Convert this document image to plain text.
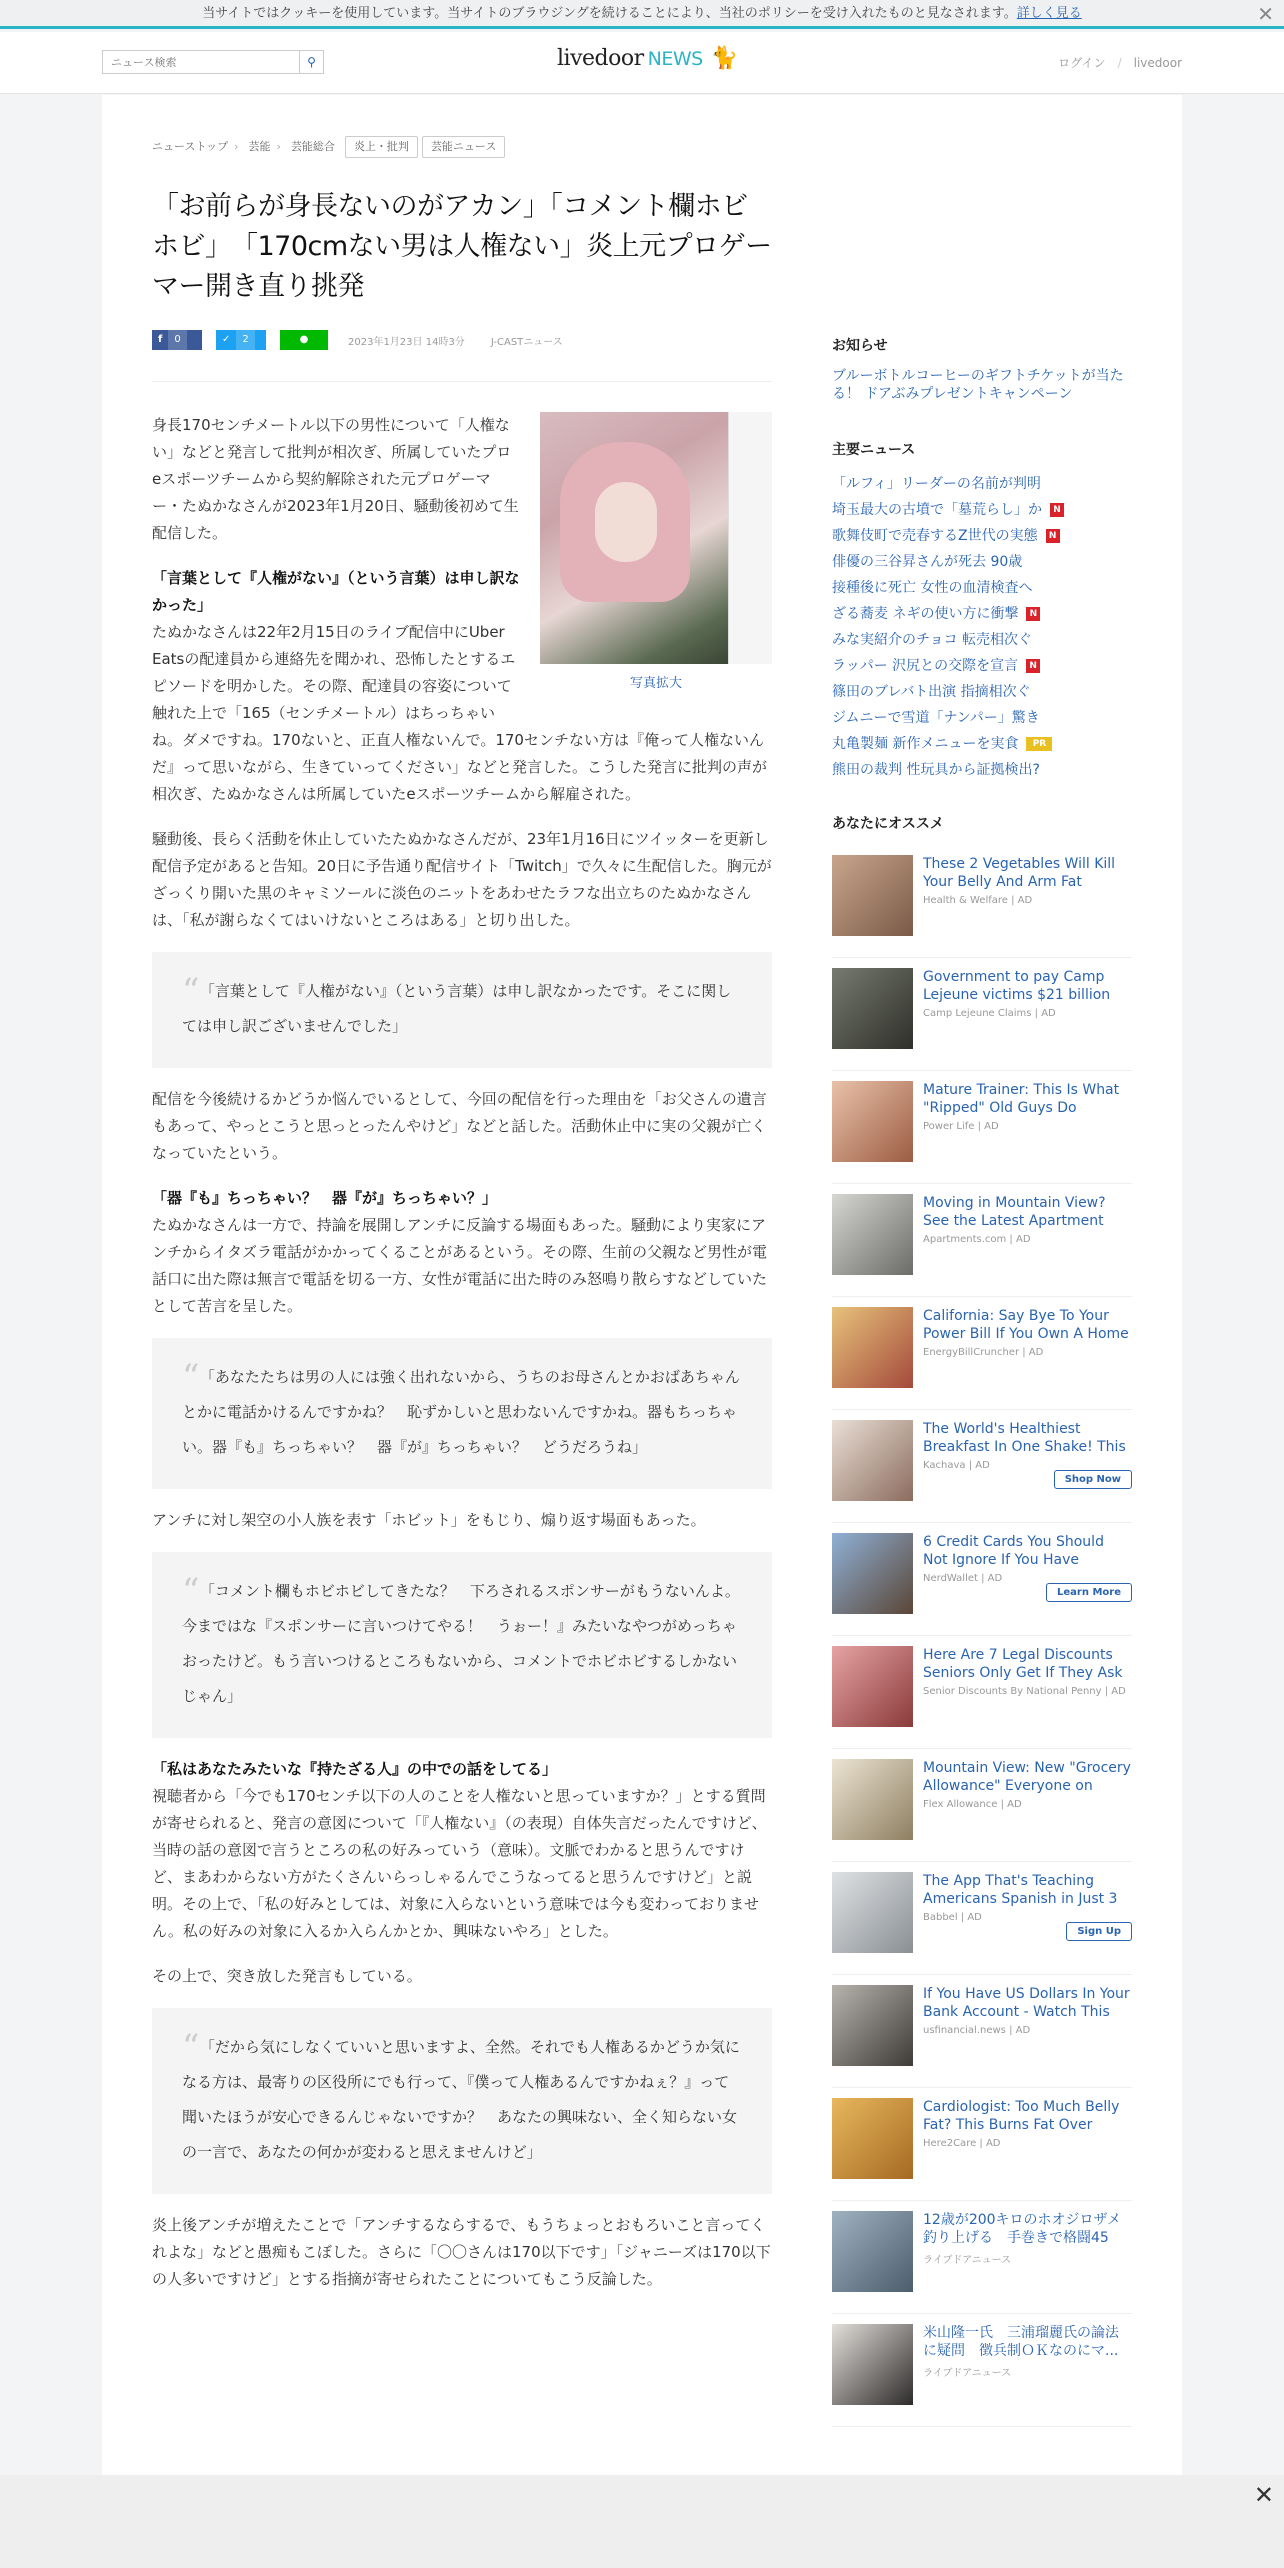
当サイトではクッキーを使用しています。当サイトのブラウジングを続けることにより、当社のポリシーを受け入れたものと見なされます。詳しく見る	✕
ニュース検索
⚲	livedoor NEWS 🐈	ログイン / livedoor
ニューストップ › 芸能 › 芸能総合	炎上・批判	芸能ニュース
「お前らが身長ないのがアカン」「コメント欄ホビホビ」　「170cmない男は人権ない」炎上元プロゲーマー開き直り挑発
f	0	✓	2	●	2023年1月23日 14時3分	J-CASTニュース
写真拡大

身長170センチメートル以下の男性について「人権ない」などと発言して批判が相次ぎ、所属していたプロeスポーツチームから契約解除された元プロゲーマー・たぬかなさんが2023年1月20日、騒動後初めて生配信した。

「言葉として『人権がない』（という言葉）は申し訳なかった」

たぬかなさんは22年2月15日のライブ配信中にUber Eatsの配達員から連絡先を聞かれ、恐怖したとするエピソードを明かした。その際、配達員の容姿について触れた上で「165（センチメートル）はちっちゃいね。ダメですね。170ないと、正直人権ないんで。170センチない方は『俺って人権ないんだ』って思いながら、生きていってください」などと発言した。こうした発言に批判の声が相次ぎ、たぬかなさんは所属していたeスポーツチームから解雇された。

騒動後、長らく活動を休止していたたぬかなさんだが、23年1月16日にツイッターを更新し配信予定があると告知。20日に予告通り配信サイト「Twitch」で久々に生配信した。胸元がざっくり開いた黒のキャミソールに淡色のニットをあわせたラフな出立ちのたぬかなさんは、「私が謝らなくてはいけないところはある」と切り出した。

“ 「言葉として『人権がない』（という言葉）は申し訳なかったです。そこに関しては申し訳ございませんでした」

配信を今後続けるかどうか悩んでいるとして、今回の配信を行った理由を「お父さんの遺言もあって、やっとこうと思っとったんやけど」などと話した。活動休止中に実の父親が亡くなっていたという。

「器『も』ちっちゃい？　器『が』ちっちゃい？」

たぬかなさんは一方で、持論を展開しアンチに反論する場面もあった。騒動により実家にアンチからイタズラ電話がかかってくることがあるという。その際、生前の父親など男性が電話口に出た際は無言で電話を切る一方、女性が電話に出た時のみ怒鳴り散らすなどしていたとして苦言を呈した。

“ 「あなたたちは男の人には強く出れないから、うちのお母さんとかおばあちゃんとかに電話かけるんですかね？　恥ずかしいと思わないんですかね。器もちっちゃい。器『も』ちっちゃい？　器『が』ちっちゃい？　どうだろうね」

アンチに対し架空の小人族を表す「ホビット」をもじり、煽り返す場面もあった。

“ 「コメント欄もホビホビしてきたな？　下ろされるスポンサーがもうないんよ。今まではな『スポンサーに言いつけてやる！　うぉー！』みたいなやつがめっちゃおったけど。もう言いつけるところもないから、コメントでホビホビするしかないじゃん」
「私はあなたみたいな『持たざる人』の中での話をしてる」

視聴者から「今でも170センチ以下の人のことを人権ないと思っていますか？」とする質問が寄せられると、発言の意図について「『人権ない』（の表現）自体失言だったんですけど、当時の話の意図で言うところの私の好みっていう（意味）。文脈でわかると思うんですけど、まあわからない方がたくさんいらっしゃるんでこうなってると思うんですけど」と説明。その上で、「私の好みとしては、対象に入らないという意味では今も変わっておりません。私の好みの対象に入るか入らんかとか、興味ないやろ」とした。

その上で、突き放した発言もしている。

“ 「だから気にしなくていいと思いますよ、全然。それでも人権あるかどうか気になる方は、最寄りの区役所にでも行って、『僕って人権あるんですかねぇ？』って聞いたほうが安心できるんじゃないですか？　あなたの興味ない、全く知らない女の一言で、あなたの何かが変わると思えませんけど」

炎上後アンチが増えたことで「アンチするならするで、もうちょっとおもろいこと言ってくれよな」などと愚痴もこぼした。さらに「〇〇さんは170以下です」「ジャニーズは170以下の人多いですけど」とする指摘が寄せられたことについてもこう反論した。

お知らせ
ブルーボトルコーヒーのギフトチケットが当たる！ ドアぶみプレゼントキャンペーン
主要ニュース
「ルフィ」リーダーの名前が判明
埼玉最大の古墳で「墓荒らし」か	N
歌舞伎町で売春するZ世代の実態	N
俳優の三谷昇さんが死去 90歳
接種後に死亡 女性の血清検査へ
ざる蕎麦 ネギの使い方に衝撃	N
みな実紹介のチョコ 転売相次ぐ
ラッパー 沢尻との交際を宣言	N
篠田のブレバト出演 指摘相次ぐ
ジムニーで雪道「ナンパー」驚き
丸亀製麺 新作メニューを実食	PR
熊田の裁判 性玩具から証拠検出?
あなたにオススメ
These 2 Vegetables Will Kill Your Belly And Arm Fat
Health & Welfare | AD
Government to pay Camp Lejeune victims $21 billion
Camp Lejeune Claims | AD
Mature Trainer: This Is What "Ripped" Old Guys Do
Power Life | AD
Moving in Mountain View? See the Latest Apartment
Apartments.com | AD
California: Say Bye To Your Power Bill If You Own A Home
EnergyBillCruncher | AD
The World's Healthiest Breakfast In One Shake! This
Kachava | AD
Shop Now
6 Credit Cards You Should Not Ignore If You Have
NerdWallet | AD
Learn More
Here Are 7 Legal Discounts Seniors Only Get If They Ask
Senior Discounts By National Penny | AD
Mountain View: New "Grocery Allowance" Everyone on
Flex Allowance | AD
The App That's Teaching Americans Spanish in Just 3
Babbel | AD
Sign Up
If You Have US Dollars In Your Bank Account - Watch This
usfinancial.news | AD
Cardiologist: Too Much Belly Fat? This Burns Fat Over
Here2Care | AD
12歳が200キロのホオジロザメ釣り上げる　手巻きで格闘45
ライブドアニュース
米山隆一氏　三浦瑠麗氏の論法に疑問　徴兵制ＯＫなのにマ...
ライブドアニュース
✕
